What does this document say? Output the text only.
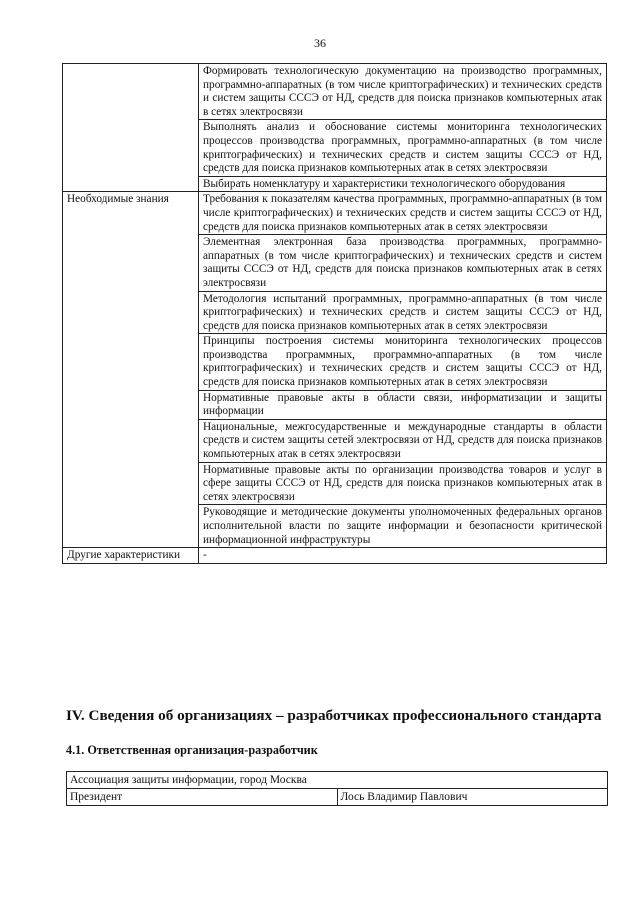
36
	Формировать технологическую документацию на производство программных, программно-аппаратных (в том числе криптографических) и технических средств и систем защиты СССЭ от НД, средств для поиска признаков компьютерных атак в сетях электросвязи
	Выполнять анализ и обоснование системы мониторинга технологических процессов производства программных, программно-аппаратных (в том числе криптографических) и технических средств и систем защиты СССЭ от НД, средств для поиска признаков компьютерных атак в сетях электросвязи
	Выбирать номенклатуру и характеристики технологического оборудования
Необходимые знания	Требования к показателям качества программных, программно-аппаратных (в том числе криптографических) и технических средств и систем защиты СССЭ от НД, средств для поиска признаков компьютерных атак в сетях электросвязи
	Элементная электронная база производства программных, программно-аппаратных (в том числе криптографических) и технических средств и систем защиты СССЭ от НД, средств для поиска признаков компьютерных атак в сетях электросвязи
	Методология испытаний программных, программно-аппаратных (в том числе криптографических) и технических средств и систем защиты СССЭ от НД, средств для поиска признаков компьютерных атак в сетях электросвязи
	Принципы построения системы мониторинга технологических процессов производства программных, программно-аппаратных (в том числе криптографических) и технических средств и систем защиты СССЭ от НД, средств для поиска признаков компьютерных атак в сетях электросвязи
	Нормативные правовые акты в области связи, информатизации и защиты информации
	Национальные, межгосударственные и международные стандарты в области средств и систем защиты сетей электросвязи от НД, средств для поиска признаков компьютерных атак в сетях электросвязи
	Нормативные правовые акты по организации производства товаров и услуг в сфере защиты СССЭ от НД, средств для поиска признаков компьютерных атак в сетях электросвязи
	Руководящие и методические документы уполномоченных федеральных органов исполнительной власти по защите информации и безопасности критической информационной инфраструктуры
Другие характеристики	-
IV. Сведения об организациях – разработчиках профессионального стандарта
4.1. Ответственная организация-разработчик
Ассоциация защиты информации, город Москва
Президент	Лось Владимир Павлович
